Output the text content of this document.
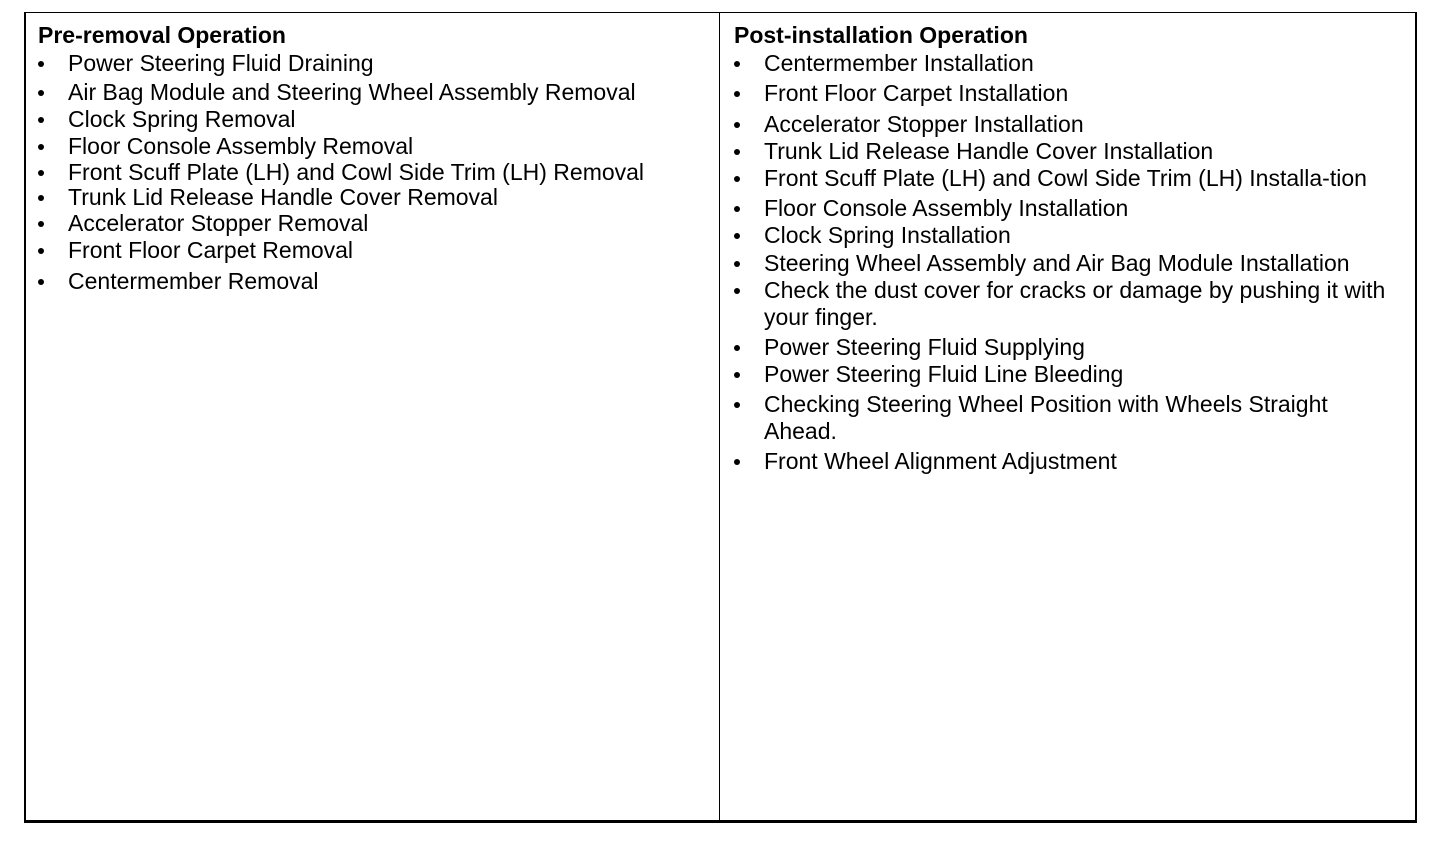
Pre-removal Operation
Power Steering Fluid Draining
Air Bag Module and Steering Wheel Assembly Removal
Clock Spring Removal
Floor Console Assembly Removal
Front Scuff Plate (LH) and Cowl Side Trim (LH) Removal
Trunk Lid Release Handle Cover Removal
Accelerator Stopper Removal
Front Floor Carpet Removal
Centermember Removal
Post-installation Operation
Centermember Installation
Front Floor Carpet Installation
Accelerator Stopper Installation
Trunk Lid Release Handle Cover Installation
Front Scuff Plate (LH) and Cowl Side Trim (LH) Installa-tion
Floor Console Assembly Installation
Clock Spring Installation
Steering Wheel Assembly and Air Bag Module Installation
Check the dust cover for cracks or damage by pushing it with your finger.
Power Steering Fluid Supplying
Power Steering Fluid Line Bleeding
Checking Steering Wheel Position with Wheels Straight Ahead.
Front Wheel Alignment Adjustment
